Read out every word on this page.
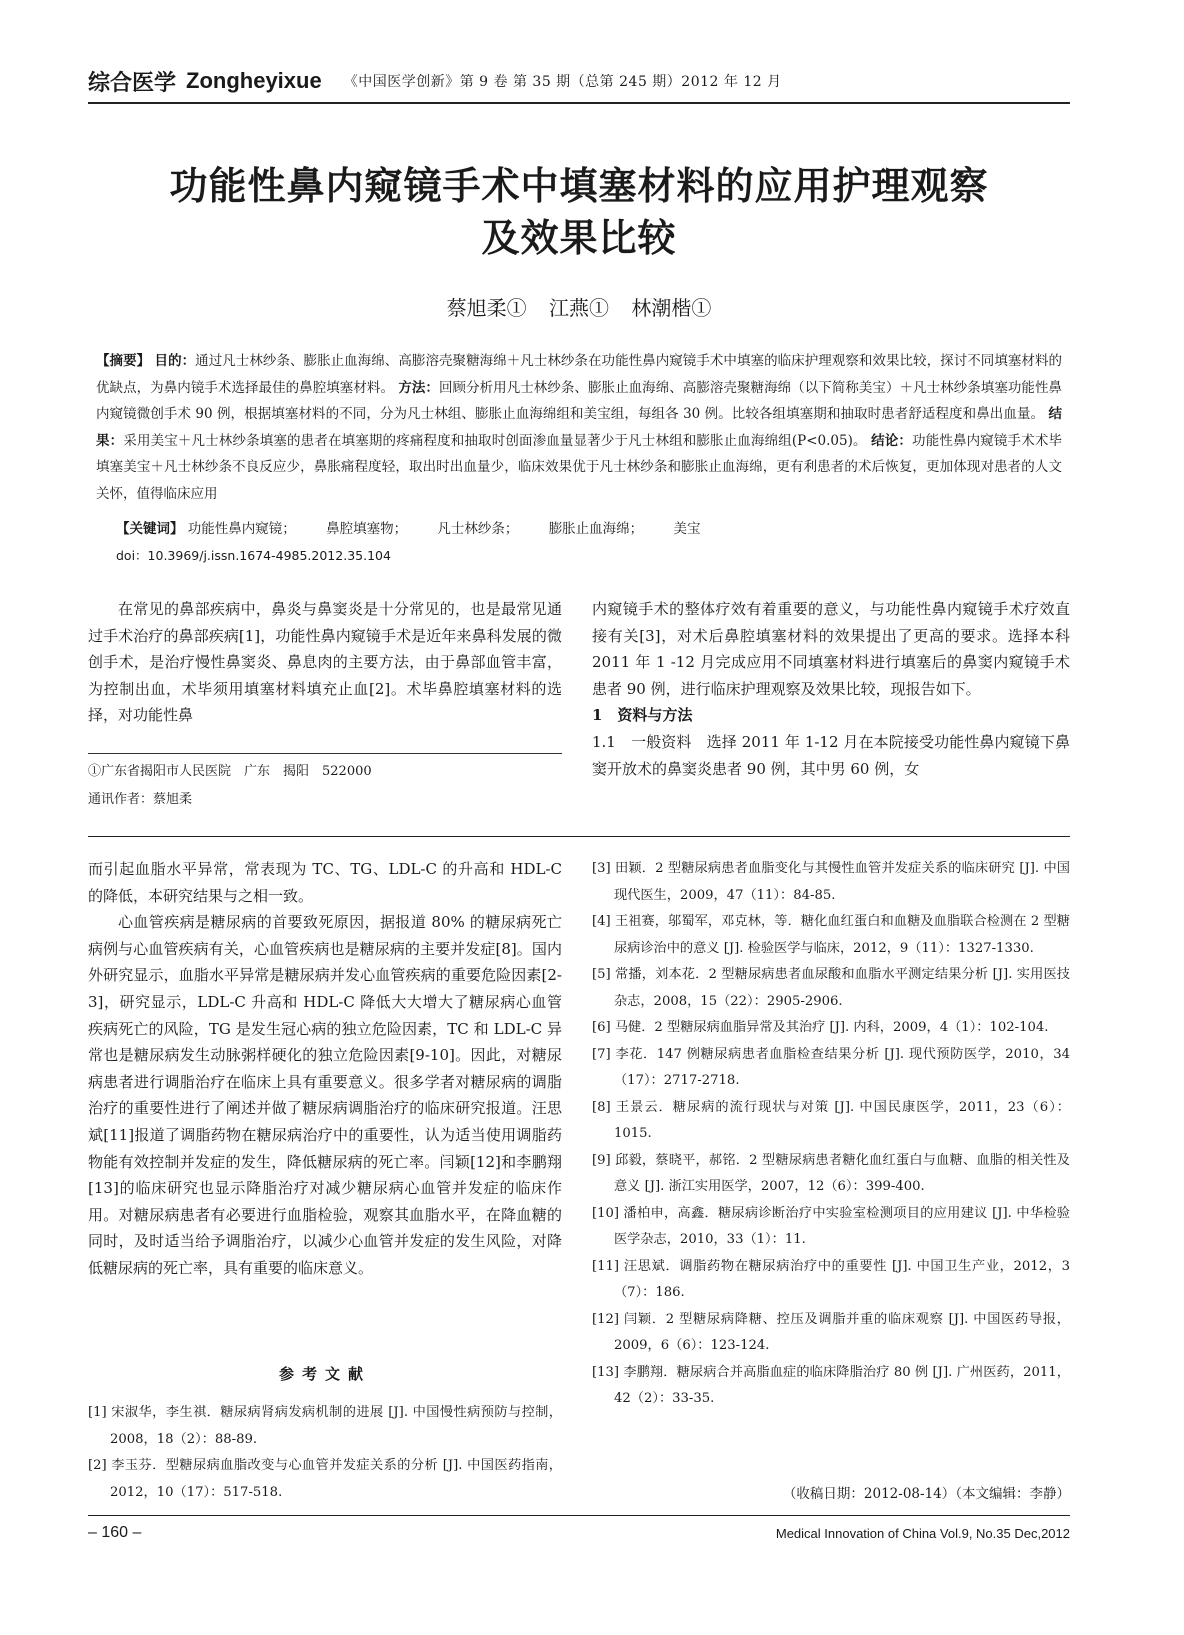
综合医学 Zongheyixue 《中国医学创新》第 9 卷 第 35 期（总第 245 期）2012 年 12 月
功能性鼻内窥镜手术中填塞材料的应用护理观察
及效果比较
蔡旭柔① 江燕① 林潮楷①
【摘要】 目的：通过凡士林纱条、膨胀止血海绵、高膨溶壳聚糖海绵＋凡士林纱条在功能性鼻内窥镜手术中填塞的临床护理观察和效果比较，探讨不同填塞材料的优缺点，为鼻内镜手术选择最佳的鼻腔填塞材料。 方法：回顾分析用凡士林纱条、膨胀止血海绵、高膨溶壳聚糖海绵（以下简称美宝）＋凡士林纱条填塞功能性鼻内窥镜微创手术 90 例，根据填塞材料的不同，分为凡士林组、膨胀止血海绵组和美宝组，每组各 30 例。比较各组填塞期和抽取时患者舒适程度和鼻出血量。 结果：采用美宝＋凡士林纱条填塞的患者在填塞期的疼痛程度和抽取时创面渗血量显著少于凡士林组和膨胀止血海绵组(P<0.05)。 结论：功能性鼻内窥镜手术术毕填塞美宝＋凡士林纱条不良反应少，鼻胀痛程度轻，取出时出血量少，临床效果优于凡士林纱条和膨胀止血海绵，更有利患者的术后恢复，更加体现对患者的人文关怀，值得临床应用
【关键词】 功能性鼻内窥镜； 鼻腔填塞物； 凡士林纱条； 膨胀止血海绵； 美宝
doi：10.3969/j.issn.1674-4985.2012.35.104

在常见的鼻部疾病中，鼻炎与鼻窦炎是十分常见的，也是最常见通过手术治疗的鼻部疾病[1]，功能性鼻内窥镜手术是近年来鼻科发展的微创手术，是治疗慢性鼻窦炎、鼻息肉的主要方法，由于鼻部血管丰富，为控制出血，术毕须用填塞材料填充止血[2]。术毕鼻腔填塞材料的选择，对功能性鼻

内窥镜手术的整体疗效有着重要的意义，与功能性鼻内窥镜手术疗效直接有关[3]，对术后鼻腔填塞材料的效果提出了更高的要求。选择本科 2011 年 1 -12 月完成应用不同填塞材料进行填塞后的鼻窦内窥镜手术患者 90 例，进行临床护理观察及效果比较，现报告如下。

1　资料与方法

1.1　一般资料　选择 2011 年 1-12 月在本院接受功能性鼻内窥镜下鼻窦开放术的鼻窦炎患者 90 例，其中男 60 例，女

①广东省揭阳市人民医院　广东　揭阳　522000
通讯作者：蔡旭柔

而引起血脂水平异常，常表现为 TC、TG、LDL-C 的升高和 HDL-C 的降低，本研究结果与之相一致。

心血管疾病是糖尿病的首要致死原因，据报道 80% 的糖尿病死亡病例与心血管疾病有关，心血管疾病也是糖尿病的主要并发症[8]。国内外研究显示，血脂水平异常是糖尿病并发心血管疾病的重要危险因素[2-3]，研究显示，LDL-C 升高和 HDL-C 降低大大增大了糖尿病心血管疾病死亡的风险，TG 是发生冠心病的独立危险因素，TC 和 LDL-C 异常也是糖尿病发生动脉粥样硬化的独立危险因素[9-10]。因此，对糖尿病患者进行调脂治疗在临床上具有重要意义。很多学者对糖尿病的调脂治疗的重要性进行了阐述并做了糖尿病调脂治疗的临床研究报道。汪思斌[11]报道了调脂药物在糖尿病治疗中的重要性，认为适当使用调脂药物能有效控制并发症的发生，降低糖尿病的死亡率。闫颖[12]和李鹏翔[13]的临床研究也显示降脂治疗对减少糖尿病心血管并发症的临床作用。对糖尿病患者有必要进行血脂检验，观察其血脂水平，在降血糖的同时，及时适当给予调脂治疗，以减少心血管并发症的发生风险，对降低糖尿病的死亡率，具有重要的临床意义。

参考文献
[1] 宋淑华，李生祺．糖尿病肾病发病机制的进展 [J]. 中国慢性病预防与控制，2008，18（2）：88-89.
[2] 李玉芬．型糖尿病血脂改变与心血管并发症关系的分析 [J]. 中国医药指南，2012，10（17）：517-518.
[3] 田颖．2 型糖尿病患者血脂变化与其慢性血管并发症关系的临床研究 [J]. 中国现代医生，2009，47（11）：84-85.
[4] 王祖赛，邬蜀军，邓克林，等．糖化血红蛋白和血糖及血脂联合检测在 2 型糖尿病诊治中的意义 [J]. 检验医学与临床，2012，9（11）：1327-1330.
[5] 常播，刘本花．2 型糖尿病患者血尿酸和血脂水平测定结果分析 [J]. 实用医技杂志，2008，15（22）：2905-2906.
[6] 马健．2 型糖尿病血脂异常及其治疗 [J]. 内科，2009，4（1）：102-104.
[7] 李花．147 例糖尿病患者血脂检查结果分析 [J]. 现代预防医学，2010，34（17）：2717-2718.
[8] 王景云．糖尿病的流行现状与对策 [J]. 中国民康医学，2011，23（6）：1015.
[9] 邱毅，蔡晓平，郝铭．2 型糖尿病患者糖化血红蛋白与血糖、血脂的相关性及意义 [J]. 浙江实用医学，2007，12（6）：399-400.
[10] 潘柏申，高鑫．糖尿病诊断治疗中实验室检测项目的应用建议 [J]. 中华检验医学杂志，2010，33（1）：11.
[11] 汪思斌．调脂药物在糖尿病治疗中的重要性 [J]. 中国卫生产业，2012，3（7）：186.
[12] 闫颖．2 型糖尿病降糖、控压及调脂并重的临床观察 [J]. 中国医药导报，2009，6（6）：123-124.
[13] 李鹏翔．糖尿病合并高脂血症的临床降脂治疗 80 例 [J]. 广州医药，2011，42（2）：33-35.
（收稿日期：2012-08-14）（本文编辑：李静）
– 160 –	Medical Innovation of China Vol.9, No.35 Dec,2012
